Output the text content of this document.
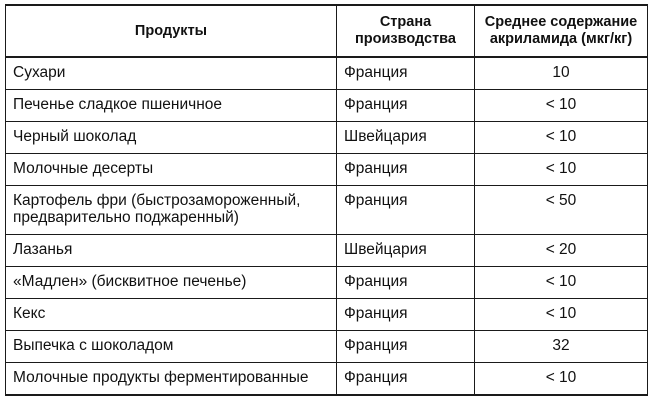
Продукты	Страна производства	Среднее содержание акриламида (мкг/кг)
Сухари	Франция	10
Печенье сладкое пшеничное	Франция	< 10
Черный шоколад	Швейцария	< 10
Молочные десерты	Франция	< 10
Картофель фри (быстрозамороженный, предварительно поджаренный)	Франция	< 50
Лазанья	Швейцария	< 20
«Мадлен» (бисквитное печенье)	Франция	< 10
Кекс	Франция	< 10
Выпечка с шоколадом	Франция	32
Молочные продукты ферментированные	Франция	< 10
